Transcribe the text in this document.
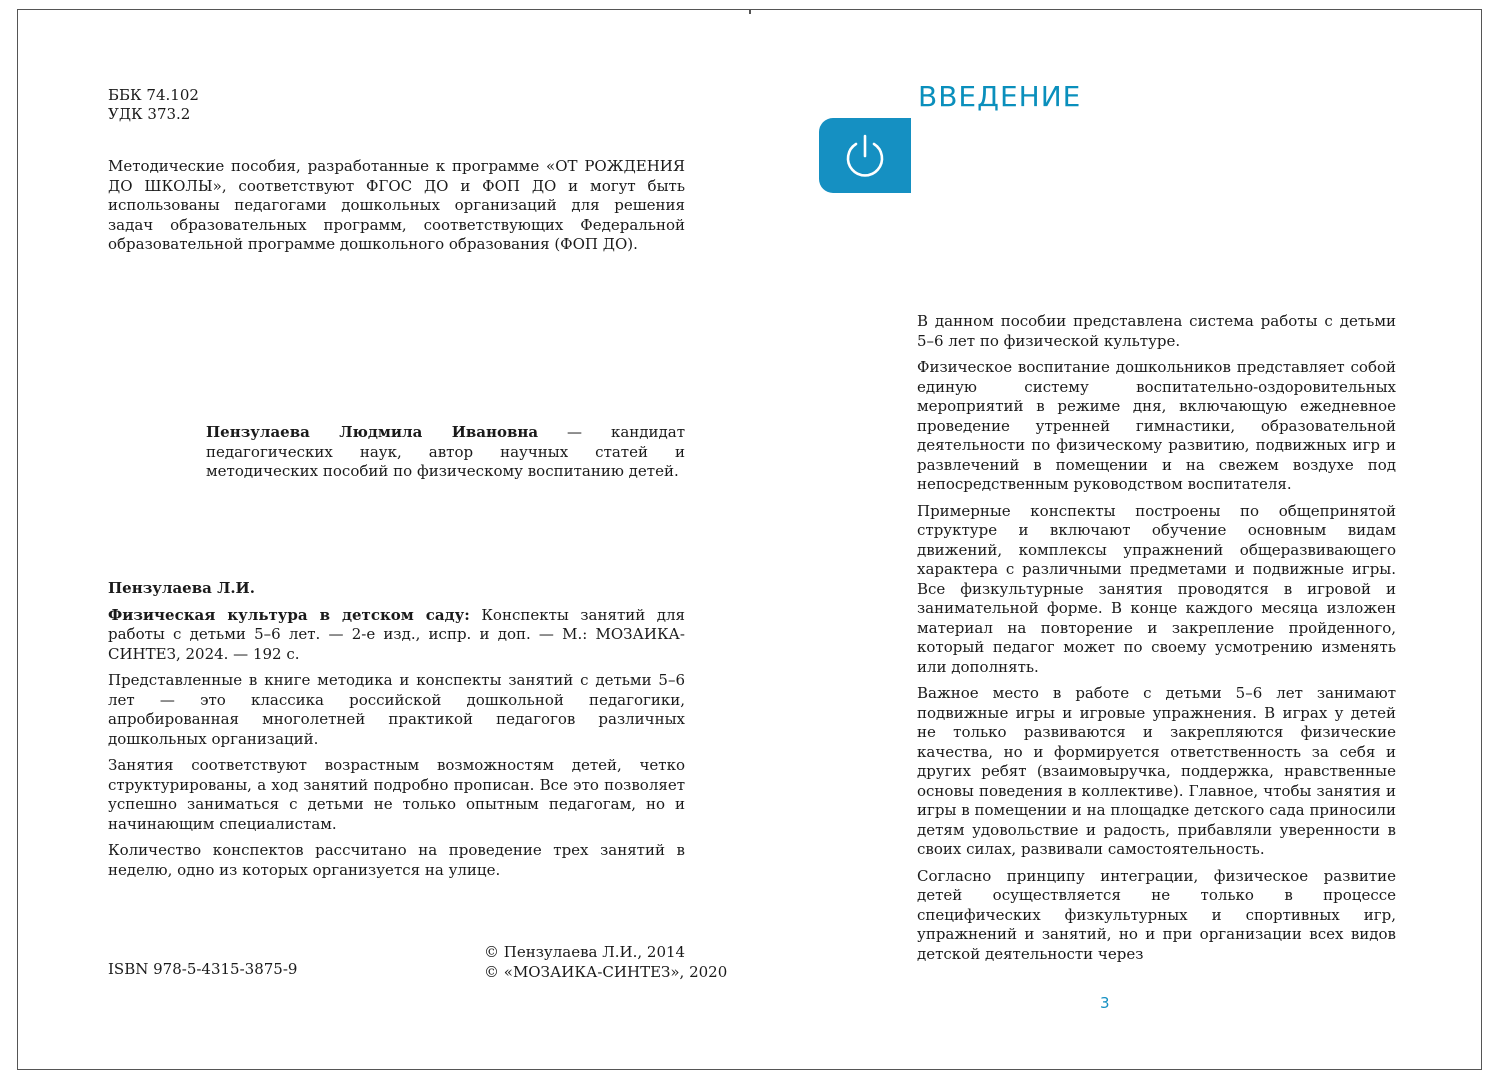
ББК 74.102
УДК 373.2

Методические пособия, разработанные к программе «ОТ РОЖДЕНИЯ ДО ШКОЛЫ», соответствуют ФГОС ДО и ФОП ДО и могут быть использованы педагогами дошкольных организаций для решения задач образовательных программ, соответствующих Федеральной образовательной программе дошкольного образования (ФОП ДО).

Пензулаева Людмила Ивановна — кандидат педагогических наук, автор научных статей и методических пособий по физическому воспитанию детей.

Пензулаева Л.И.

Физическая культура в детском саду: Конспекты занятий для работы с детьми 5–6 лет. — 2-е изд., испр. и доп. — М.: МОЗАИКА-СИНТЕЗ, 2024. — 192 с.

Представленные в книге методика и конспекты занятий с детьми 5–6 лет — это классика российской дошкольной педагогики, апробированная многолетней практикой педагогов различных дошкольных организаций.

Занятия соответствуют возрастным возможностям детей, четко структурированы, а ход занятий подробно прописан. Все это позволяет успешно заниматься с детьми не только опытным педагогам, но и начинающим специалистам.

Количество конспектов рассчитано на проведение трех занятий в неделю, одно из которых организуется на улице.

ISBN 978-5-4315-3875-9
© Пензулаева Л.И., 2014
© «МОЗАИКА-СИНТЕЗ», 2020
ВВЕДЕНИЕ

В данном пособии представлена система работы с детьми 5–6 лет по физической культуре.

Физическое воспитание дошкольников представляет собой единую систему воспитательно-оздоровительных мероприятий в режиме дня, включающую ежедневное проведение утренней гимнастики, образовательной деятельности по физическому развитию, подвижных игр и развлечений в помещении и на свежем воздухе под непосредственным руководством воспитателя.

Примерные конспекты построены по общепринятой структуре и включают обучение основным видам движений, комплексы упражнений общеразвивающего характера с различными предметами и подвижные игры. Все физкультурные занятия проводятся в игровой и занимательной форме. В конце каждого месяца изложен материал на повторение и закрепление пройденного, который педагог может по своему усмотрению изменять или дополнять.

Важное место в работе с детьми 5–6 лет занимают подвижные игры и игровые упражнения. В играх у детей не только развиваются и закрепляются физические качества, но и формируется ответственность за себя и других ребят (взаимовыручка, поддержка, нравственные основы поведения в коллективе). Главное, чтобы занятия и игры в помещении и на площадке детского сада приносили детям удовольствие и радость, прибавляли уверенности в своих силах, развивали самостоятельность.

Согласно принципу интеграции, физическое развитие детей осуществляется не только в процессе специфических физкультурных и спортивных игр, упражнений и занятий, но и при организации всех видов детской деятельности через

3
